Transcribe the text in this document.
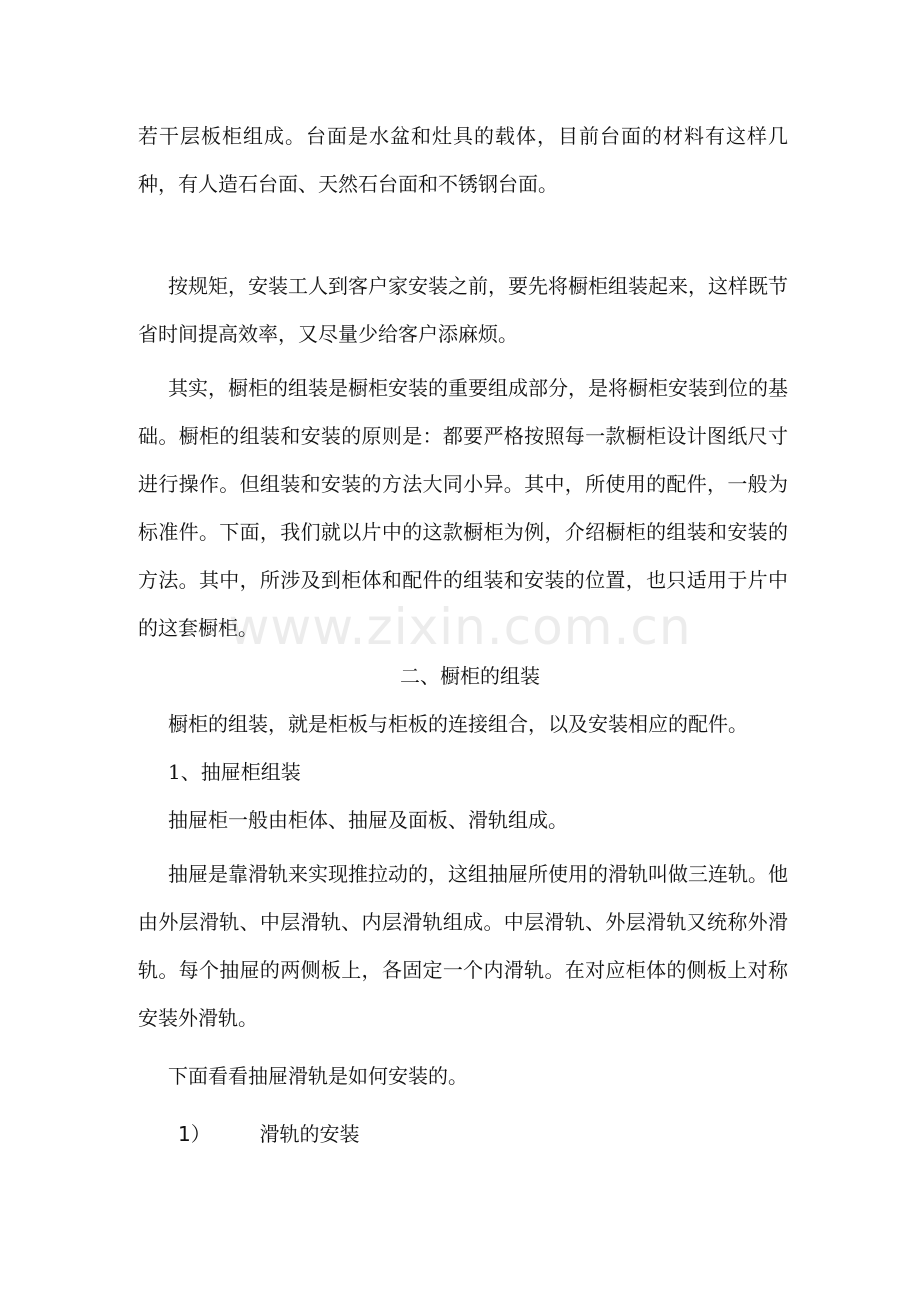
www.zixin.com.cn

若干层板柜组成。台面是水盆和灶具的载体，目前台面的材料有这样几种，有人造石台面、天然石台面和不锈钢台面。

按规矩，安装工人到客户家安装之前，要先将橱柜组装起来，这样既节省时间提高效率，又尽量少给客户添麻烦。

其实，橱柜的组装是橱柜安装的重要组成部分，是将橱柜安装到位的基础。橱柜的组装和安装的原则是：都要严格按照每一款橱柜设计图纸尺寸进行操作。但组装和安装的方法大同小异。其中，所使用的配件，一般为标准件。下面，我们就以片中的这款橱柜为例，介绍橱柜的组装和安装的方法。其中，所涉及到柜体和配件的组装和安装的位置，也只适用于片中的这套橱柜。

二、橱柜的组装

橱柜的组装，就是柜板与柜板的连接组合，以及安装相应的配件。

1、抽屉柜组装

抽屉柜一般由柜体、抽屉及面板、滑轨组成。

抽屉是靠滑轨来实现推拉动的，这组抽屉所使用的滑轨叫做三连轨。他由外层滑轨、中层滑轨、内层滑轨组成。中层滑轨、外层滑轨又统称外滑轨。每个抽屉的两侧板上，各固定一个内滑轨。在对应柜体的侧板上对称安装外滑轨。

下面看看抽屉滑轨是如何安装的。

1） 滑轨的安装
